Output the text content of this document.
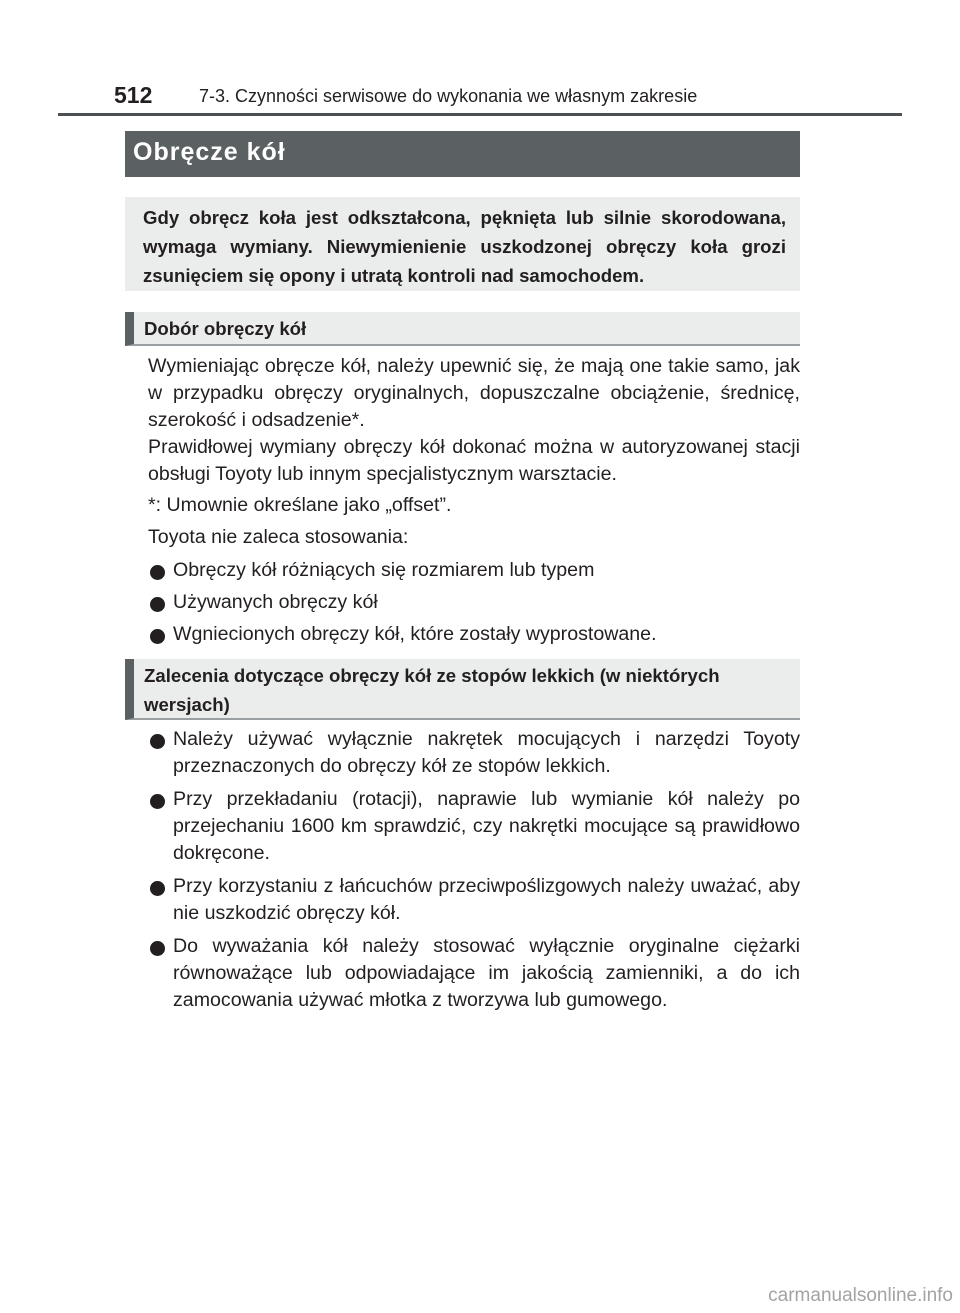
512	7-3. Czynności serwisowe do wykonania we własnym zakresie
Obręcze kół

Gdy obręcz koła jest odkształcona, pęknięta lub silnie skorodowana, wymaga wymiany. Niewymienienie uszkodzonej obręczy koła grozi zsunięciem się opony i utratą kontroli nad samochodem.

Dobór obręczy kół

Wymieniając obręcze kół, należy upewnić się, że mają one takie samo, jak w przypadku obręczy oryginalnych, dopuszczalne obciążenie, średnicę, szerokość i odsadzenie*.

Prawidłowej wymiany obręczy kół dokonać można w autoryzowanej stacji obsługi Toyoty lub innym specjalistycznym warsztacie.

*: Umownie określane jako „offset”.

Toyota nie zaleca stosowania:

Obręczy kół różniących się rozmiarem lub typem
Używanych obręczy kół
Wgniecionych obręczy kół, które zostały wyprostowane.

Zalecenia dotyczące obręczy kół ze stopów lekkich (w niektórych wersjach)

Należy używać wyłącznie nakrętek mocujących i narzędzi Toyoty przeznaczonych do obręczy kół ze stopów lekkich.
Przy przekładaniu (rotacji), naprawie lub wymianie kół należy po przejechaniu 1600 km sprawdzić, czy nakrętki mocujące są prawidłowo dokręcone.
Przy korzystaniu z łańcuchów przeciwpoślizgowych należy uważać, aby nie uszkodzić obręczy kół.
Do wyważania kół należy stosować wyłącznie oryginalne ciężarki równoważące lub odpowiadające im jakością zamienniki, a do ich zamocowania używać młotka z tworzywa lub gumowego.
carmanualsonline.info
